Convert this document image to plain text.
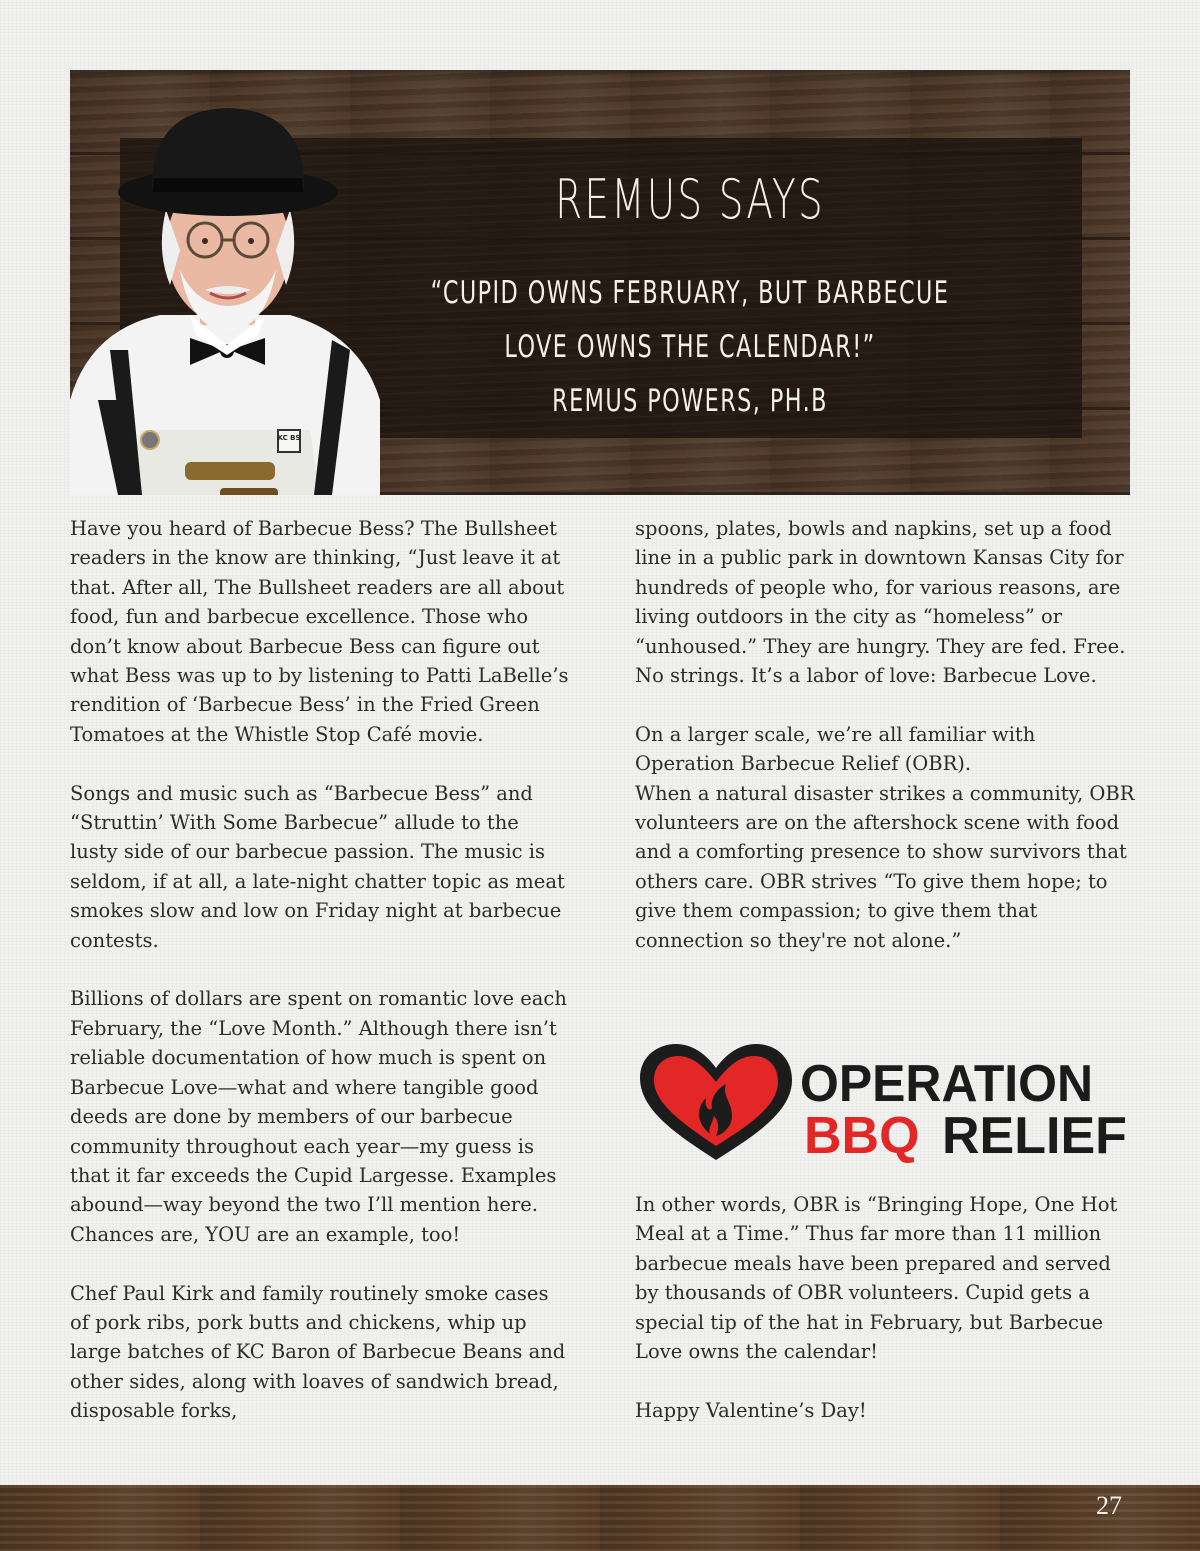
KC BS
REMUS SAYS
“CUPID OWNS FEBRUARY, BUT BARBECUE
LOVE OWNS THE CALENDAR!”
REMUS POWERS, PH.B

Have you heard of Barbecue Bess? The Bullsheet readers in the know are thinking, “Just leave it at that. After all, The Bullsheet readers are all about food, fun and barbecue excellence. Those who don’t know about Barbecue Bess can figure out what Bess was up to by listening to Patti LaBelle’s rendition of ‘Barbecue Bess’ in the Fried Green Tomatoes at the Whistle Stop Café movie.

Songs and music such as “Barbecue Bess” and “Struttin’ With Some Barbecue” allude to the lusty side of our barbecue passion. The music is seldom, if at all, a late-night chatter topic as meat smokes slow and low on Friday night at barbecue contests.

Billions of dollars are spent on romantic love each February, the “Love Month.” Although there isn’t reliable documentation of how much is spent on Barbecue Love—what and where tangible good deeds are done by members of our barbecue community throughout each year—my guess is that it far exceeds the Cupid Largesse. Examples abound—way beyond the two I’ll mention here. Chances are, YOU are an example, too!

Chef Paul Kirk and family routinely smoke cases of pork ribs, pork butts and chickens, whip up large batches of KC Baron of Barbecue Beans and other sides, along with loaves of sandwich bread, disposable forks,

spoons, plates, bowls and napkins, set up a food line in a public park in downtown Kansas City for hundreds of people who, for various reasons, are living outdoors in the city as “homeless” or “unhoused.” They are hungry. They are fed. Free. No strings. It’s a labor of love: Barbecue Love.

On a larger scale, we’re all familiar with Operation Barbecue Relief (OBR).

When a natural disaster strikes a community, OBR volunteers are on the aftershock scene with food and a comforting presence to show survivors that others care. OBR strives “To give them hope; to give them compassion; to give them that connection so they're not alone.”

OPERATION
BBQ RELIEF

In other words, OBR is “Bringing Hope, One Hot Meal at a Time.” Thus far more than 11 million barbecue meals have been prepared and served by thousands of OBR volunteers. Cupid gets a special tip of the hat in February, but Barbecue Love owns the calendar!

Happy Valentine’s Day!

27
